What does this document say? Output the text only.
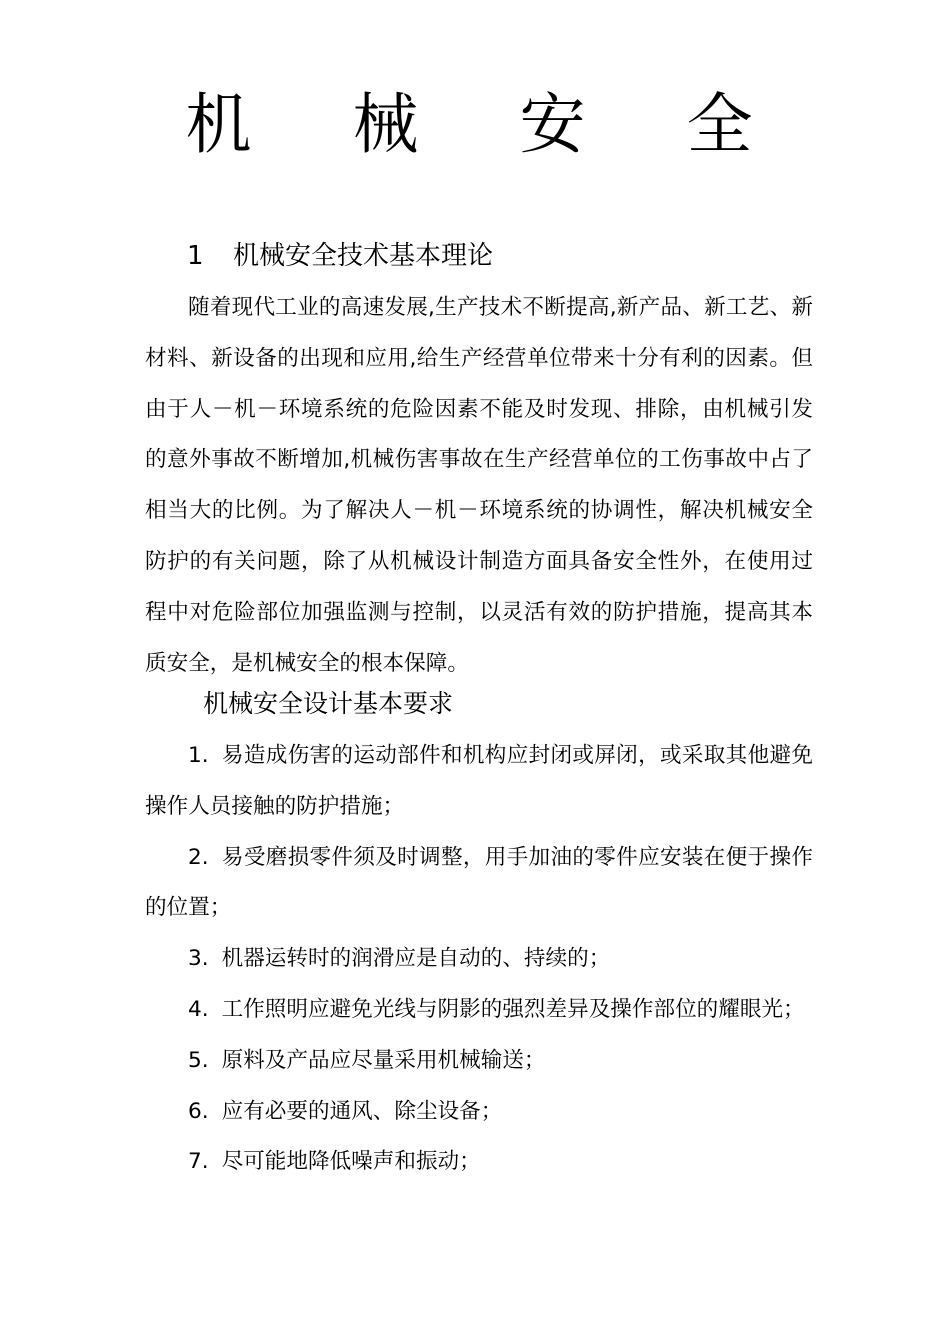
机 械 安 全
1 机械安全技术基本理论

随着现代工业的高速发展,生产技术不断提高,新产品、新工艺、新材料、新设备的出现和应用,给生产经营单位带来十分有利的因素。但由于人－机－环境系统的危险因素不能及时发现、排除，由机械引发的意外事故不断增加,机械伤害事故在生产经营单位的工伤事故中占了相当大的比例。为了解决人－机－环境系统的协调性，解决机械安全防护的有关问题，除了从机械设计制造方面具备安全性外，在使用过程中对危险部位加强监测与控制，以灵活有效的防护措施，提高其本质安全，是机械安全的根本保障。

机械安全设计基本要求
1. 易造成伤害的运动部件和机构应封闭或屏闭，或采取其他避免操作人员接触的防护措施；
2. 易受磨损零件须及时调整，用手加油的零件应安装在便于操作的位置；
3. 机器运转时的润滑应是自动的、持续的；
4. 工作照明应避免光线与阴影的强烈差异及操作部位的耀眼光；
5. 原料及产品应尽量采用机械输送；
6. 应有必要的通风、除尘设备；
7. 尽可能地降低噪声和振动；
